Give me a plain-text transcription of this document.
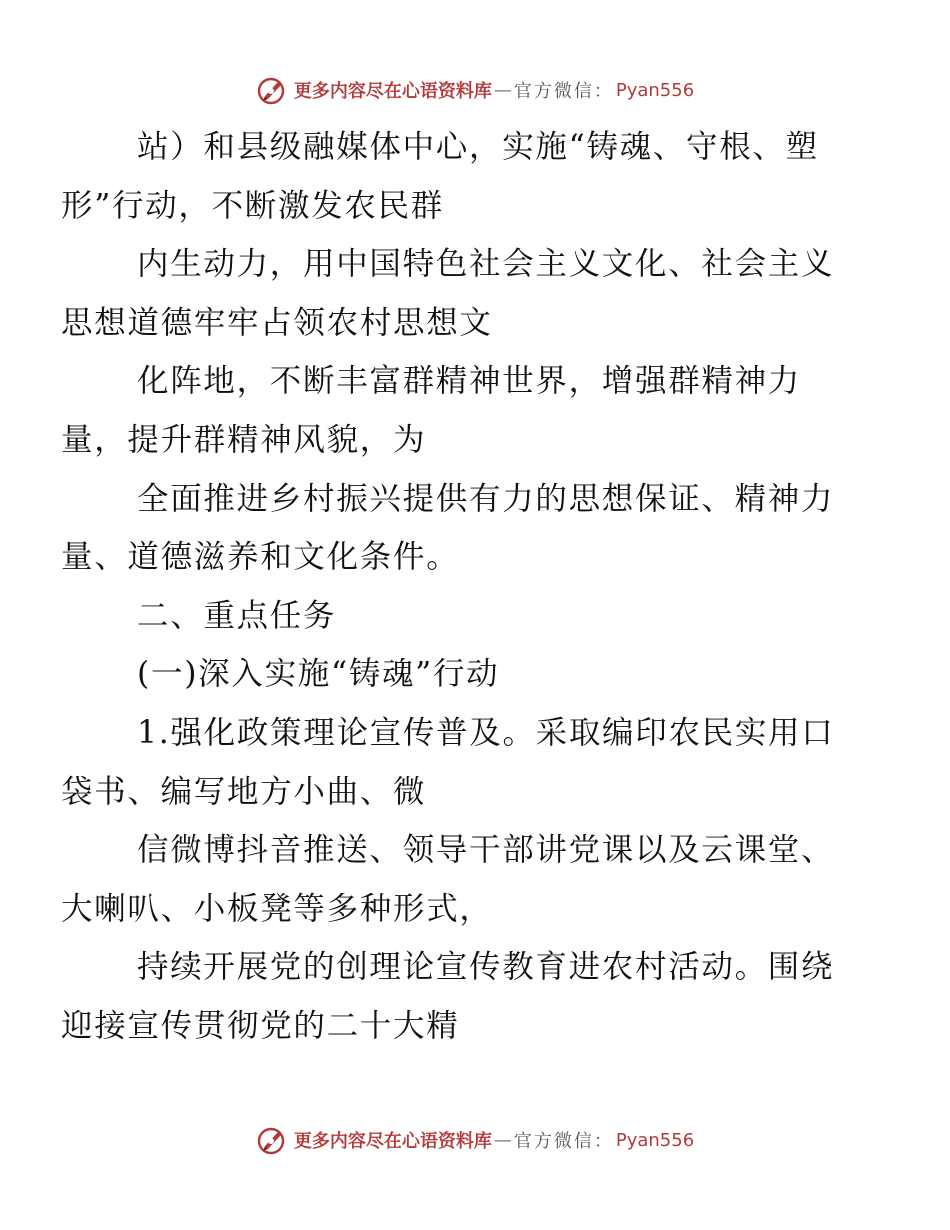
更多内容尽在心语资料库 — 官方微信： Pyan556

站）和县级融媒体中心，实施“铸魂、守根、塑
形”行动，不断激发农民群

内生动力，用中国特色社会主义文化、社会主义
思想道德牢牢占领农村思想文

化阵地，不断丰富群精神世界，增强群精神力
量，提升群精神风貌，为

全面推进乡村振兴提供有力的思想保证、精神力
量、道德滋养和文化条件。

二、重点任务

(一)深入实施“铸魂”行动

1.强化政策理论宣传普及。采取编印农民实用口
袋书、编写地方小曲、微

信微博抖音推送、领导干部讲党课以及云课堂、
大喇叭、小板凳等多种形式，

持续开展党的创理论宣传教育进农村活动。围绕
迎接宣传贯彻党的二十大精

更多内容尽在心语资料库 — 官方微信： Pyan556
